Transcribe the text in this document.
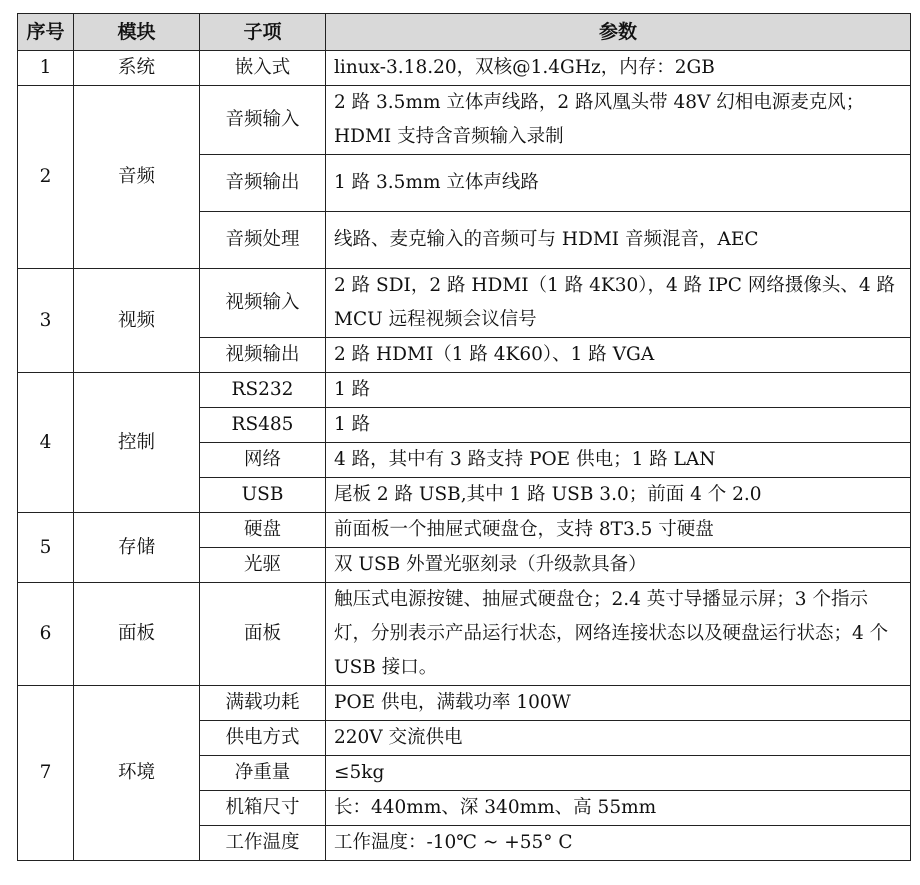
序号	模块	子项	参数
1	系统	嵌入式	linux-3.18.20，双核@1.4GHz，内存：2GB
2	音频	音频输入	2 路 3.5mm 立体声线路，2 路风凰头带 48V 幻相电源麦克风；HDMI 支持含音频输入录制
		音频输出	1 路 3.5mm 立体声线路
		音频处理	线路、麦克输入的音频可与 HDMI 音频混音，AEC
3	视频	视频输入	2 路 SDI，2 路 HDMI（1 路 4K30），4 路 IPC 网络摄像头、4 路 MCU 远程视频会议信号
		视频输出	2 路 HDMI（1 路 4K60）、1 路 VGA
4	控制	RS232	1 路
		RS485	1 路
		网络	4 路，其中有 3 路支持 POE 供电；1 路 LAN
		USB	尾板 2 路 USB,其中 1 路 USB 3.0；前面 4 个 2.0
5	存储	硬盘	前面板一个抽屉式硬盘仓，支持 8T3.5 寸硬盘
		光驱	双 USB 外置光驱刻录（升级款具备）
6	面板	面板	触压式电源按键、抽屉式硬盘仓；2.4 英寸导播显示屏；3 个指示灯，分别表示产品运行状态，网络连接状态以及硬盘运行状态；4 个 USB 接口。
7	环境	满载功耗	POE 供电，满载功率 100W
		供电方式	220V 交流供电
		净重量	≤5kg
		机箱尺寸	长：440mm、深 340mm、高 55mm
		工作温度	工作温度：-10℃ ~ +55° C
